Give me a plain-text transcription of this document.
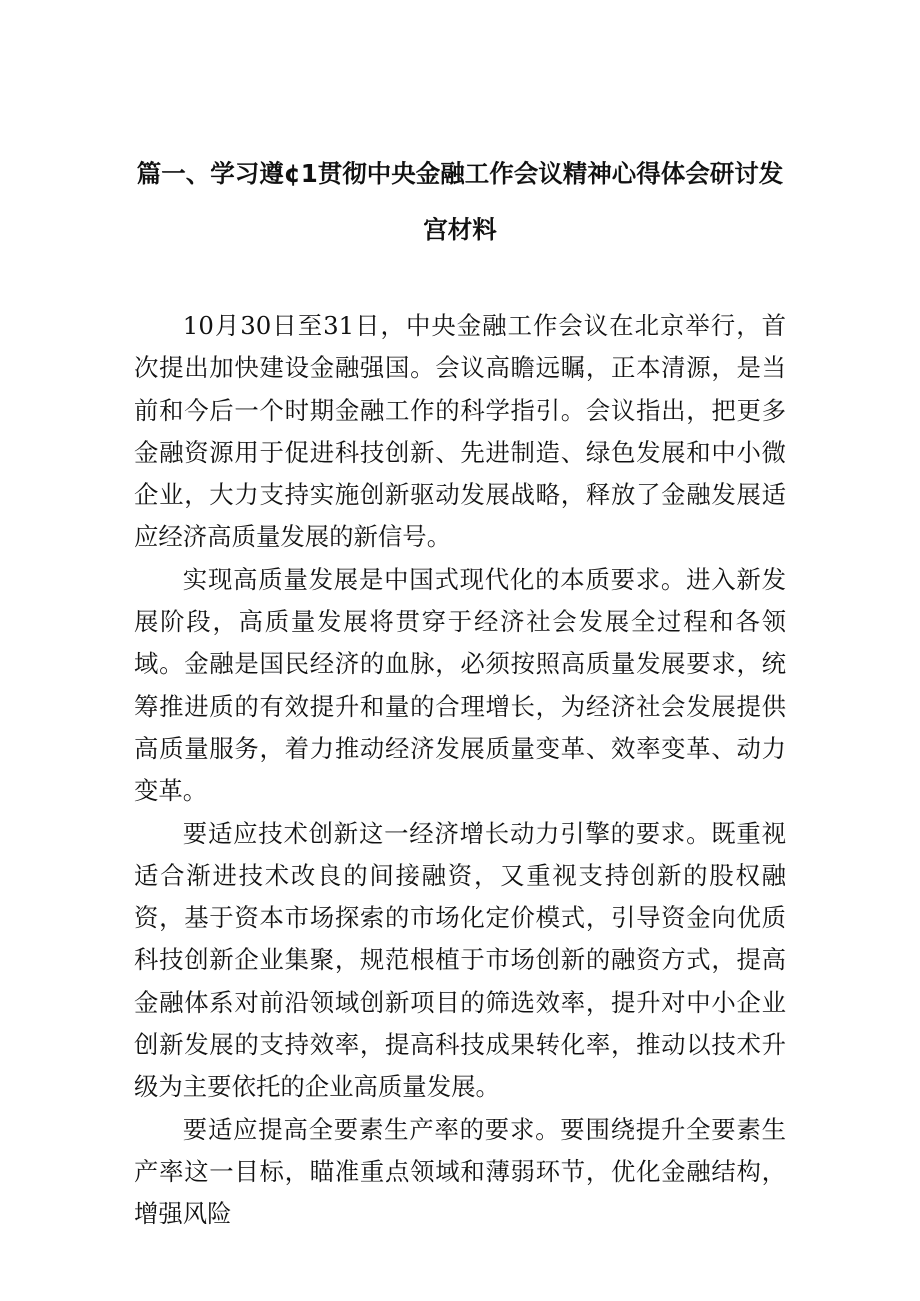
篇一、学习遵¢1贯彻中央金融工作会议精神心得体会研讨发宫材料

10月30日至31日，中央金融工作会议在北京举行，首次提出加快建设金融强国。会议高瞻远瞩，正本清源，是当前和今后一个时期金融工作的科学指引。会议指出，把更多金融资源用于促进科技创新、先进制造、绿色发展和中小微企业，大力支持实施创新驱动发展战略，释放了金融发展适应经济高质量发展的新信号。

实现高质量发展是中国式现代化的本质要求。进入新发展阶段，高质量发展将贯穿于经济社会发展全过程和各领域。金融是国民经济的血脉，必须按照高质量发展要求，统筹推进质的有效提升和量的合理增长，为经济社会发展提供高质量服务，着力推动经济发展质量变革、效率变革、动力变革。

要适应技术创新这一经济增长动力引擎的要求。既重视适合渐进技术改良的间接融资，又重视支持创新的股权融资，基于资本市场探索的市场化定价模式，引导资金向优质科技创新企业集聚，规范根植于市场创新的融资方式，提高金融体系对前沿领域创新项目的筛选效率，提升对中小企业创新发展的支持效率，提高科技成果转化率，推动以技术升级为主要依托的企业高质量发展。

要适应提高全要素生产率的要求。要围绕提升全要素生产率这一目标，瞄准重点领域和薄弱环节，优化金融结构，增强风险
